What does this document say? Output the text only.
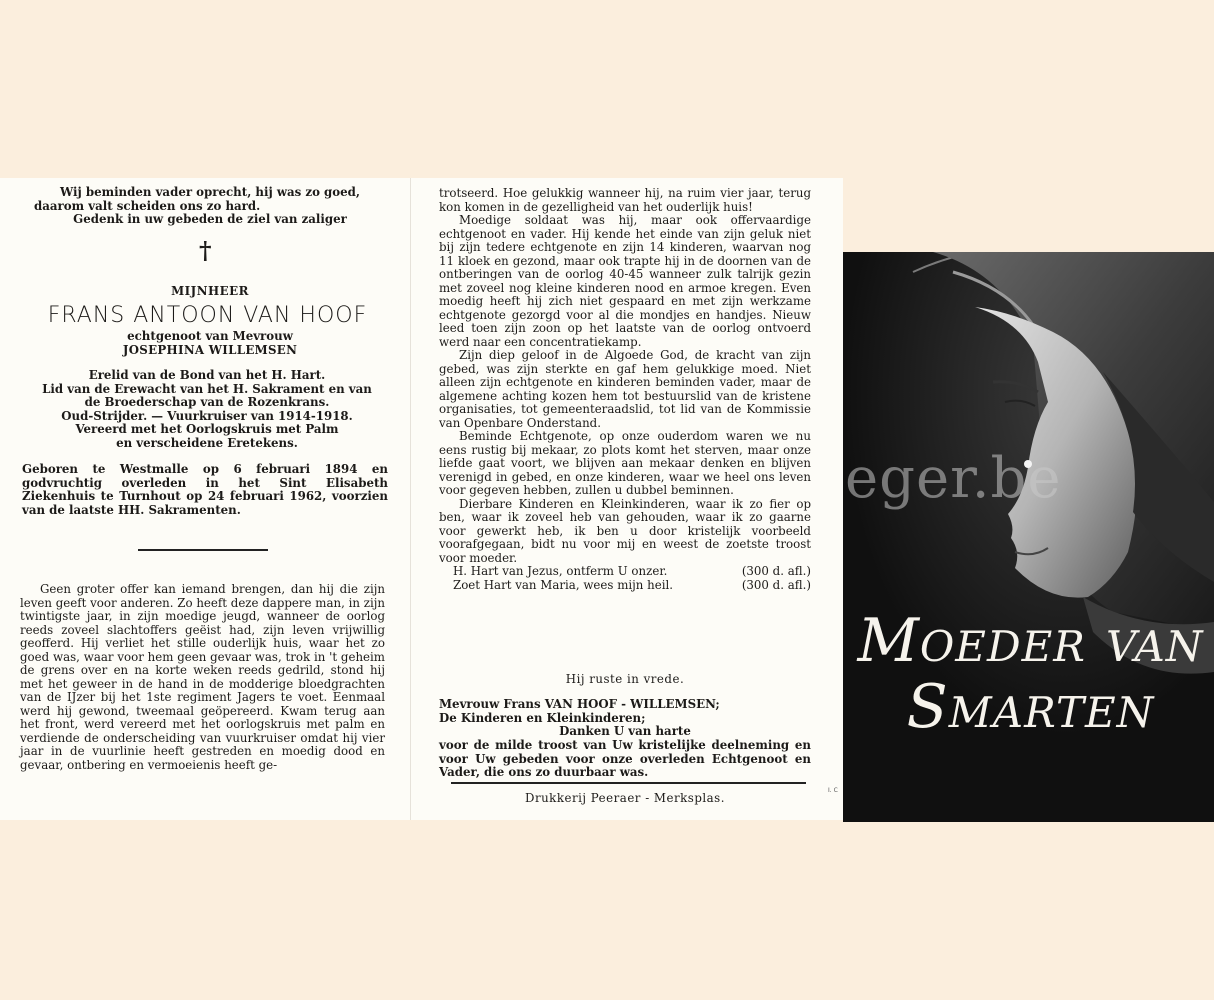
Wij beminden vader oprecht, hij was zo goed,
daarom valt scheiden ons zo hard.
Gedenk in uw gebeden de ziel van zaliger
†
MIJNHEER
FRANS ANTOON VAN HOOF
echtgenoot van Mevrouw
JOSEPHINA WILLEMSEN
Erelid van de Bond van het H. Hart.
Lid van de Erewacht van het H. Sakrament en van
de Broederschap van de Rozenkrans.
Oud-Strijder. — Vuurkruiser van 1914-1918.
Vereerd met het Oorlogskruis met Palm
en verscheidene Eretekens.
Geboren te Westmalle op 6 februari 1894 en godvruchtig overleden in het Sint Elisabeth Ziekenhuis te Turnhout op 24 februari 1962, voorzien van de laatste HH. Sakramenten.
Geen groter offer kan iemand brengen, dan hij die zijn leven geeft voor anderen. Zo heeft deze dappere man, in zijn twintigste jaar, in zijn moedige jeugd, wanneer de oorlog reeds zoveel slachtoffers geëist had, zijn leven vrijwillig geofferd. Hij verliet het stille ouderlijk huis, waar het zo goed was, waar voor hem geen gevaar was, trok in 't geheim de grens over en na korte weken reeds gedrild, stond hij met het geweer in de hand in de modderige bloedgrachten van de IJzer bij het 1ste regiment Jagers te voet. Eenmaal werd hij gewond, tweemaal geöpereerd. Kwam terug aan het front, werd vereerd met het oorlogskruis met palm en verdiende de onderscheiding van vuurkruiser omdat hij vier jaar in de vuurlinie heeft gestreden en moedig dood en gevaar, ontbering en vermoeienis heeft ge-
trotseerd. Hoe gelukkig wanneer hij, na ruim vier jaar, terug kon komen in de gezelligheid van het ouderlijk huis!
Moedige soldaat was hij, maar ook offervaardige echtgenoot en vader. Hij kende het einde van zijn geluk niet bij zijn tedere echtgenote en zijn 14 kinderen, waarvan nog 11 kloek en gezond, maar ook trapte hij in de doornen van de ontberingen van de oorlog 40-45 wanneer zulk talrijk gezin met zoveel nog kleine kinderen nood en armoe kregen. Even moedig heeft hij zich niet gespaard en met zijn werkzame echtgenote gezorgd voor al die mondjes en handjes. Nieuw leed toen zijn zoon op het laatste van de oorlog ontvoerd werd naar een concentratiekamp.
Zijn diep geloof in de Algoede God, de kracht van zijn gebed, was zijn sterkte en gaf hem gelukkige moed. Niet alleen zijn echtgenote en kinderen beminden vader, maar de algemene achting kozen hem tot bestuurslid van de kristene organisaties, tot gemeenteraadslid, tot lid van de Kommissie van Openbare Onderstand.
Beminde Echtgenote, op onze ouderdom waren we nu eens rustig bij mekaar, zo plots komt het sterven, maar onze liefde gaat voort, we blijven aan mekaar denken en blijven verenigd in gebed, en onze kinderen, waar we heel ons leven voor gegeven hebben, zullen u dubbel beminnen.
Dierbare Kinderen en Kleinkinderen, waar ik zo fier op ben, waar ik zoveel heb van gehouden, waar ik zo gaarne voor gewerkt heb, ik ben u door kristelijk voorbeeld voorafgegaan, bidt nu voor mij en weest de zoetste troost voor moeder.
H. Hart van Jezus, ontferm U onzer.	(300 d. afl.)
Zoet Hart van Maria, wees mijn heil.	(300 d. afl.)
Hij ruste in vrede.
Mevrouw Frans VAN HOOF - WILLEMSEN;
De Kinderen en Kleinkinderen;
Danken U van harte
voor de milde troost van Uw kristelijke deelneming en voor Uw gebeden voor onze overleden Echtgenoot en Vader, die ons zo duurbaar was.
Drukkerij Peeraer - Merksplas.
I. C
Moeder van
Smarten
eger.be
